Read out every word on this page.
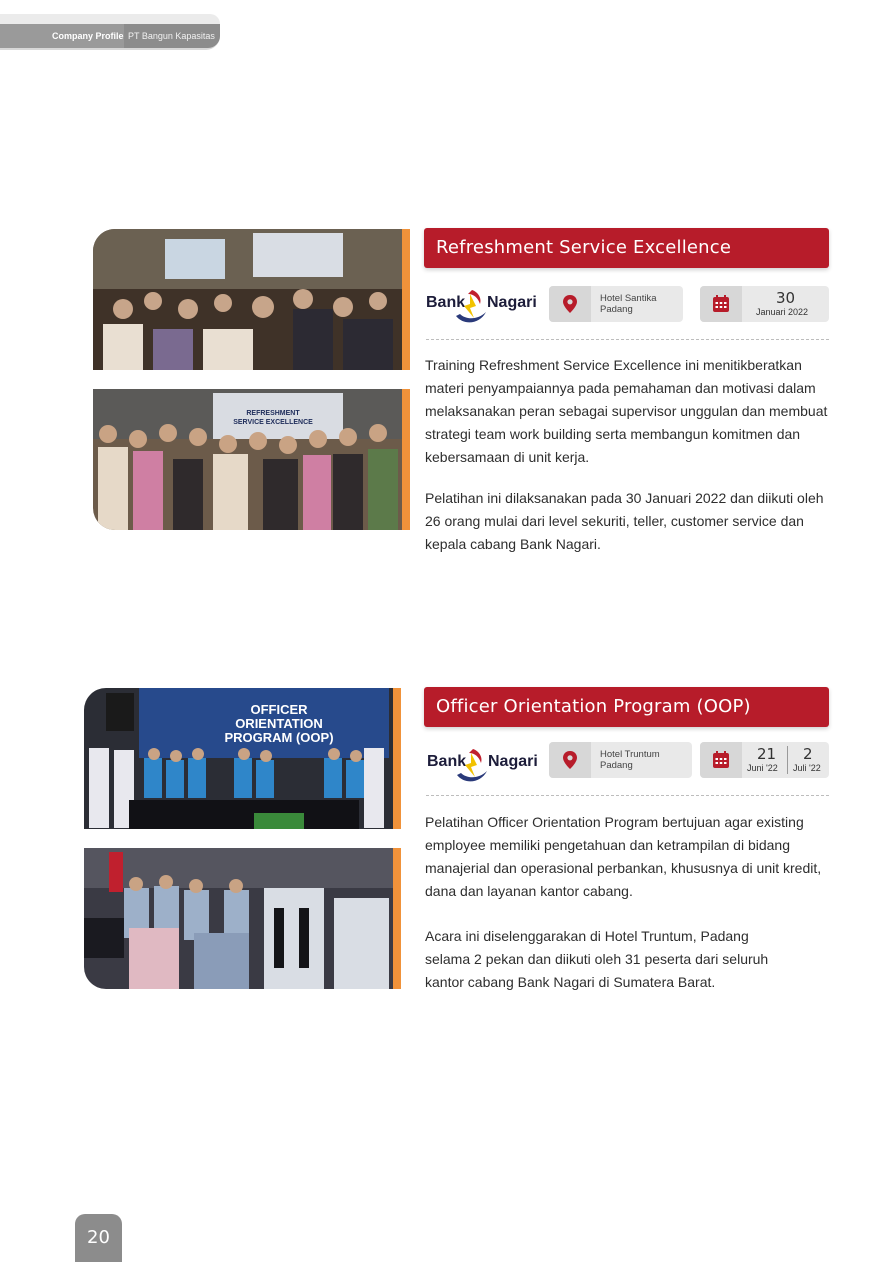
Company Profile PT Bangun Kapasitas
REFRESHMENT
SERVICE EXCELLENCE
Refreshment Service Excellence
Bank Nagari	Hotel Santika Padang
30
Januari 2022
Training Refreshment Service Excellence ini menitikberatkan materi penyampaiannya pada pemahaman dan motivasi dalam melaksanakan peran sebagai supervisor unggulan dan membuat strategi team work building serta membangun komitmen dan kebersamaan di unit kerja.
Pelatihan ini dilaksanakan pada 30 Januari 2022 dan diikuti oleh 26 orang mulai dari level sekuriti, teller, customer service dan kepala cabang Bank Nagari.
OFFICER
ORIENTATION
PROGRAM (OOP)
Officer Orientation Program (OOP)
Bank Nagari	Hotel Truntum Padang
21
Juni '22
2
Juli '22
Pelatihan Officer Orientation Program bertujuan agar existing employee memiliki pengetahuan dan ketrampilan di bidang manajerial dan operasional perbankan, khususnya di unit kredit, dana dan layanan kantor cabang.
Acara ini diselenggarakan di Hotel Truntum, Padang selama 2 pekan dan diikuti oleh 31 peserta dari seluruh kantor cabang Bank Nagari di Sumatera Barat.
20
